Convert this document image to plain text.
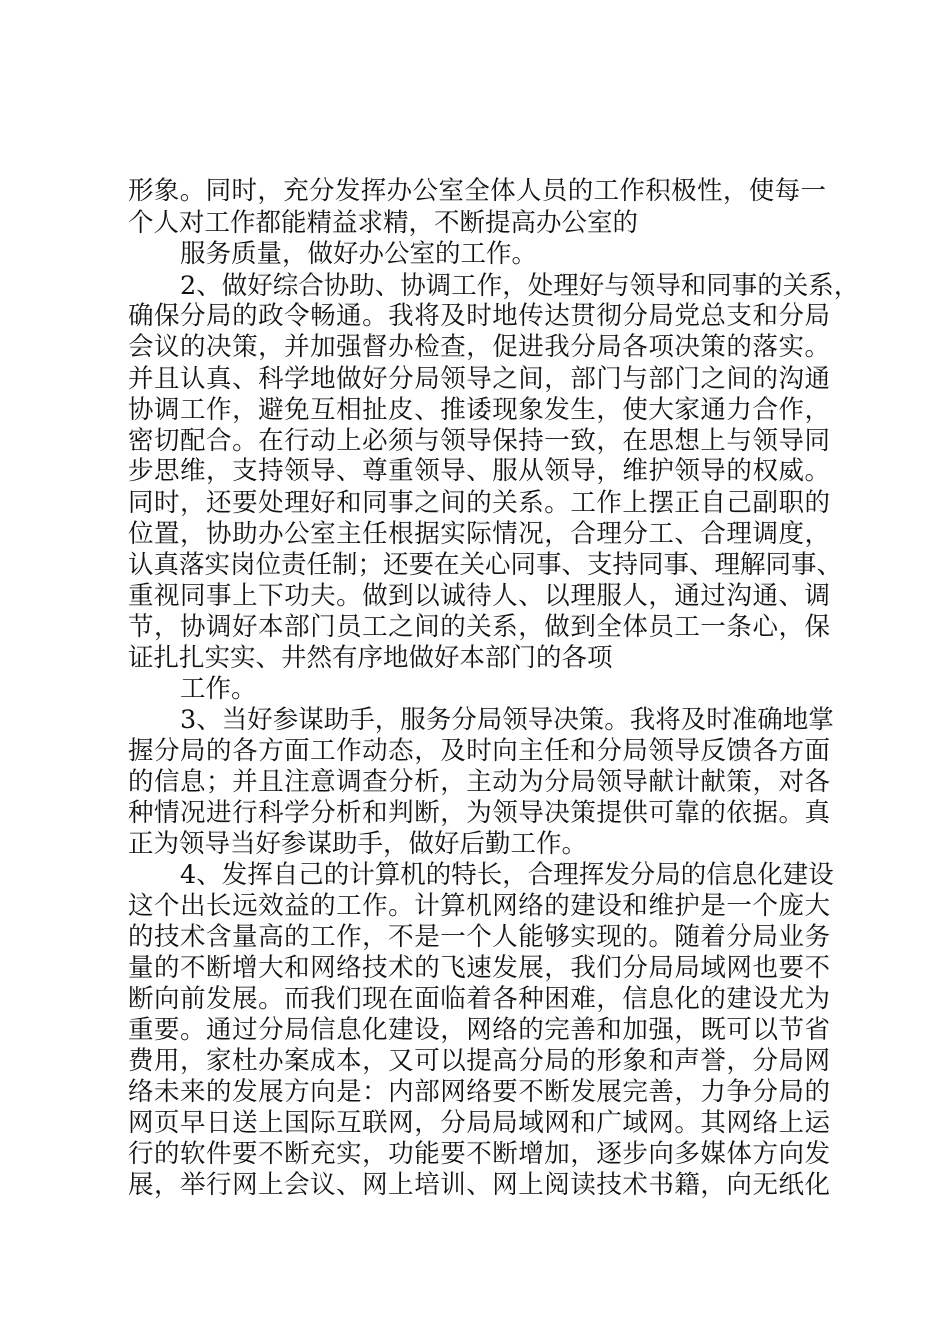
形象。同时，充分发挥办公室全体人员的工作积极性，使每一
个人对工作都能精益求精，不断提高办公室的
服务质量，做好办公室的工作。
2、做好综合协助、协调工作，处理好与领导和同事的关系，
确保分局的政令畅通。我将及时地传达贯彻分局党总支和分局
会议的决策，并加强督办检查，促进我分局各项决策的落实。
并且认真、科学地做好分局领导之间，部门与部门之间的沟通
协调工作，避免互相扯皮、推诿现象发生，使大家通力合作，
密切配合。在行动上必须与领导保持一致，在思想上与领导同
步思维，支持领导、尊重领导、服从领导，维护领导的权威。
同时，还要处理好和同事之间的关系。工作上摆正自己副职的
位置，协助办公室主任根据实际情况，合理分工、合理调度，
认真落实岗位责任制；还要在关心同事、支持同事、理解同事、
重视同事上下功夫。做到以诚待人、以理服人，通过沟通、调
节，协调好本部门员工之间的关系，做到全体员工一条心，保
证扎扎实实、井然有序地做好本部门的各项
工作。
3、当好参谋助手，服务分局领导决策。我将及时准确地掌
握分局的各方面工作动态，及时向主任和分局领导反馈各方面
的信息；并且注意调查分析，主动为分局领导献计献策，对各
种情况进行科学分析和判断，为领导决策提供可靠的依据。真
正为领导当好参谋助手，做好后勤工作。
4、发挥自己的计算机的特长，合理挥发分局的信息化建设
这个出长远效益的工作。计算机网络的建设和维护是一个庞大
的技术含量高的工作，不是一个人能够实现的。随着分局业务
量的不断增大和网络技术的飞速发展，我们分局局域网也要不
断向前发展。而我们现在面临着各种困难，信息化的建设尤为
重要。通过分局信息化建设，网络的完善和加强，既可以节省
费用，家杜办案成本，又可以提高分局的形象和声誉，分局网
络未来的发展方向是：内部网络要不断发展完善，力争分局的
网页早日送上国际互联网，分局局域网和广域网。其网络上运
行的软件要不断充实，功能要不断增加，逐步向多媒体方向发
展，举行网上会议、网上培训、网上阅读技术书籍，向无纸化
